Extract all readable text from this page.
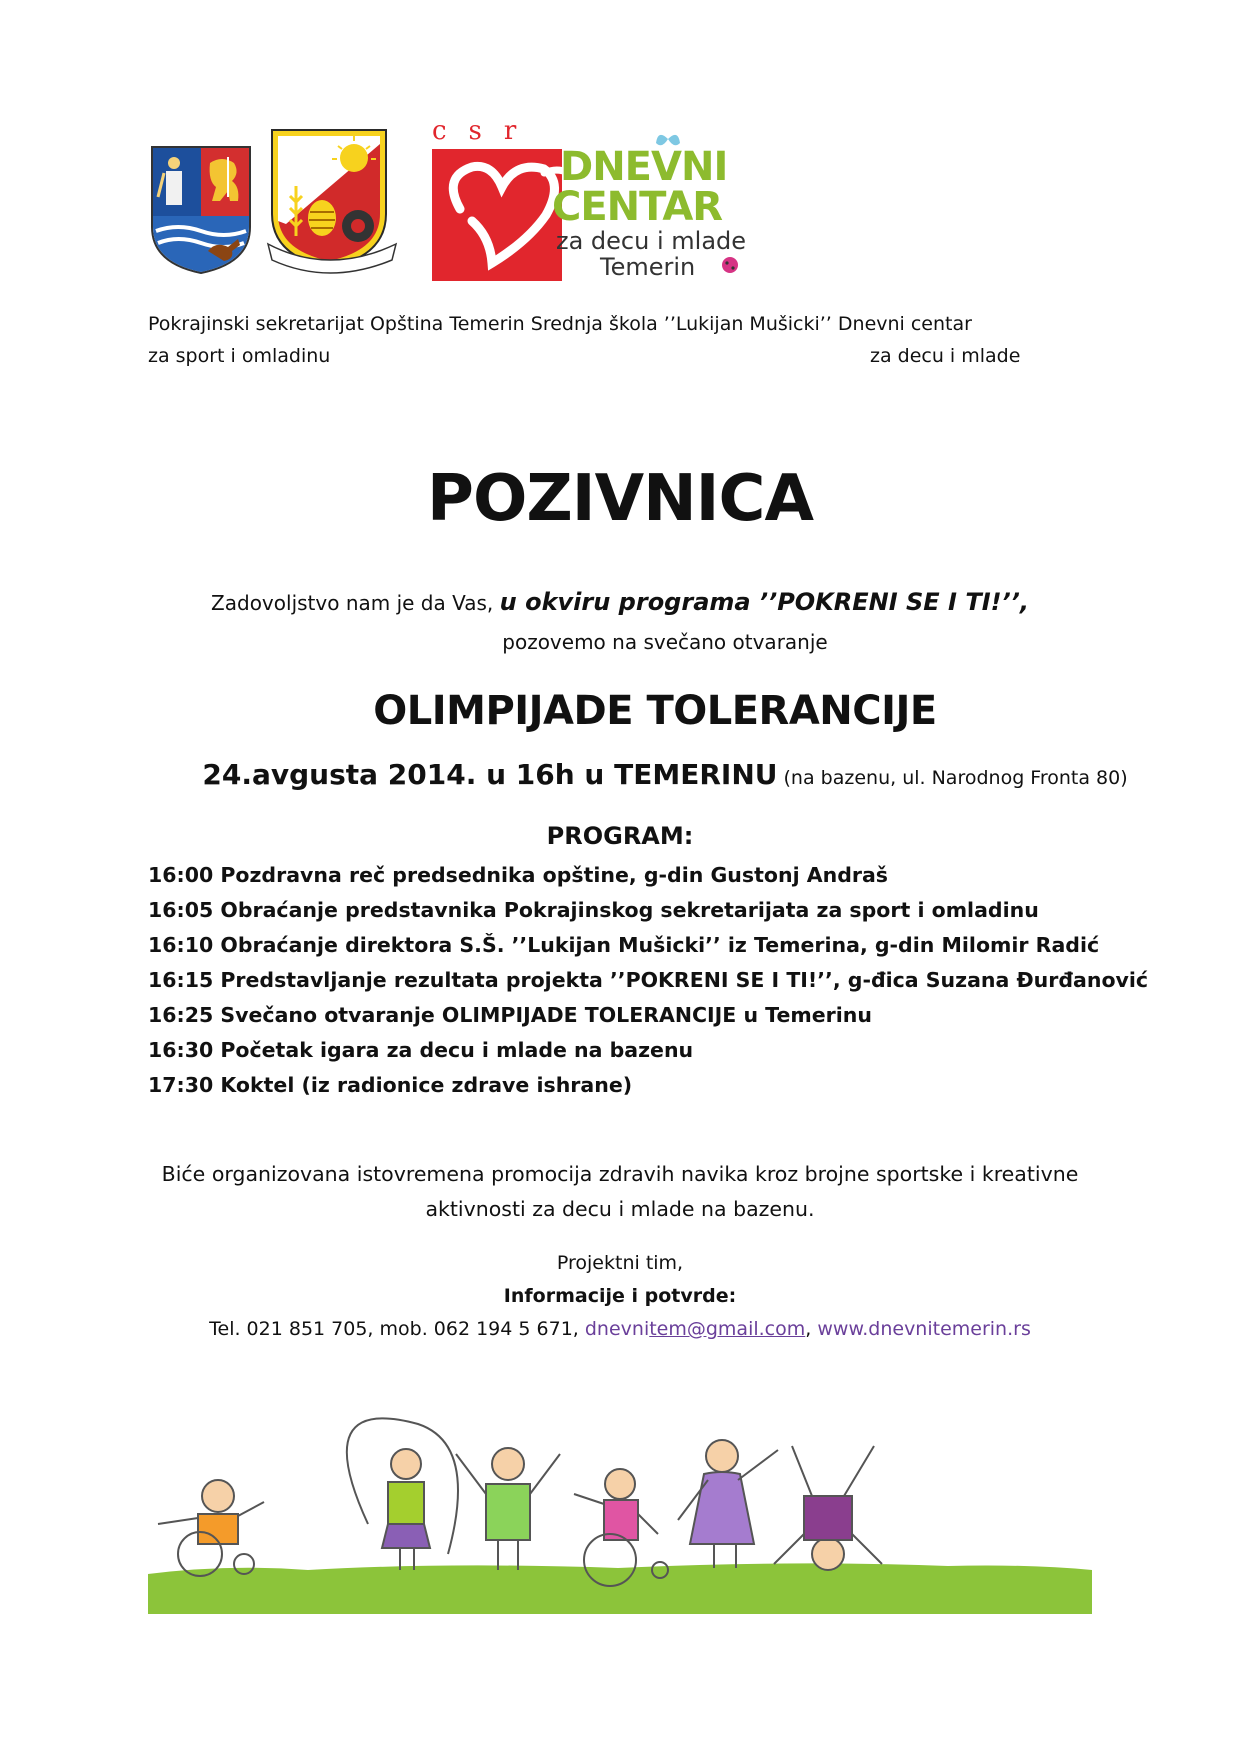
csr
DNEVNI
CENTAR
za decu i mlade
Temerin
Pokrajinski sekretarijat Opština Temerin Srednja škola ’’Lukijan Mušicki’’ Dnevni centar
za sport i omladinu	za decu i mlade
POZIVNICA
Zadovoljstvo nam je da Vas, u okviru programa ’’POKRENI SE I TI!’’,
pozovemo na svečano otvaranje
OLIMPIJADE TOLERANCIJE
24.avgusta 2014. u 16h u TEMERINU (na bazenu, ul. Narodnog Fronta 80)
PROGRAM:
16:00 Pozdravna reč predsednika opštine, g-din Gustonj Andraš
16:05 Obraćanje predstavnika Pokrajinskog sekretarijata za sport i omladinu
16:10 Obraćanje direktora S.Š. ’’Lukijan Mušicki’’ iz Temerina, g-din Milomir Radić
16:15 Predstavljanje rezultata projekta ’’POKRENI SE I TI!’’, g-đica Suzana Đurđanović
16:25 Svečano otvaranje OLIMPIJADE TOLERANCIJE u Temerinu
16:30 Početak igara za decu i mlade na bazenu
17:30 Koktel (iz radionice zdrave ishrane)
Biće organizovana istovremena promocija zdravih navika kroz brojne sportske i kreativne
aktivnosti za decu i mlade na bazenu.
Projektni tim,
Informacije i potvrde:
Tel. 021 851 705, mob. 062 194 5 671, dnevnitem@gmail.com, www.dnevnitemerin.rs
